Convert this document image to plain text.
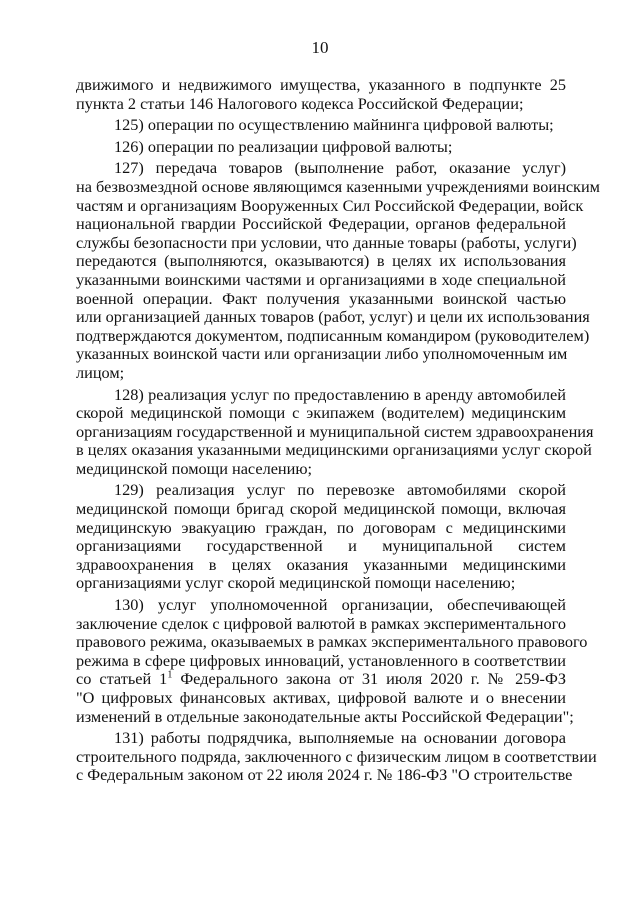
10
движимого и недвижимого имущества, указанного в подпункте 25
пункта 2 статьи 146 Налогового кодекса Российской Федерации;
125) операции по осуществлению майнинга цифровой валюты;
126) операции по реализации цифровой валюты;
127) передача товаров (выполнение работ, оказание услуг)
на безвозмездной основе являющимся казенными учреждениями воинским
частям и организациям Вооруженных Сил Российской Федерации, войск
национальной гвардии Российской Федерации, органов федеральной
службы безопасности при условии, что данные товары (работы, услуги)
передаются (выполняются, оказываются) в целях их использования
указанными воинскими частями и организациями в ходе специальной
военной операции. Факт получения указанными воинской частью
или организацией данных товаров (работ, услуг) и цели их использования
подтверждаются документом, подписанным командиром (руководителем)
указанных воинской части или организации либо уполномоченным им
лицом;
128) реализация услуг по предоставлению в аренду автомобилей
скорой медицинской помощи с экипажем (водителем) медицинским
организациям государственной и муниципальной систем здравоохранения
в целях оказания указанными медицинскими организациями услуг скорой
медицинской помощи населению;
129) реализация услуг по перевозке автомобилями скорой
медицинской помощи бригад скорой медицинской помощи, включая
медицинскую эвакуацию граждан, по договорам с медицинскими
организациями государственной и муниципальной систем
здравоохранения в целях оказания указанными медицинскими
организациями услуг скорой медицинской помощи населению;
130) услуг уполномоченной организации, обеспечивающей
заключение сделок с цифровой валютой в рамках экспериментального
правового режима, оказываемых в рамках экспериментального правового
режима в сфере цифровых инноваций, установленного в соответствии
со статьей $1^1$ Федерального закона от 31 июля 2020 г. № 259-ФЗ
"О цифровых финансовых активах, цифровой валюте и о внесении
изменений в отдельные законодательные акты Российской Федерации";
131) работы подрядчика, выполняемые на основании договора
строительного подряда, заключенного с физическим лицом в соответствии
с Федеральным законом от 22 июля 2024 г. № 186-ФЗ "О строительстве
